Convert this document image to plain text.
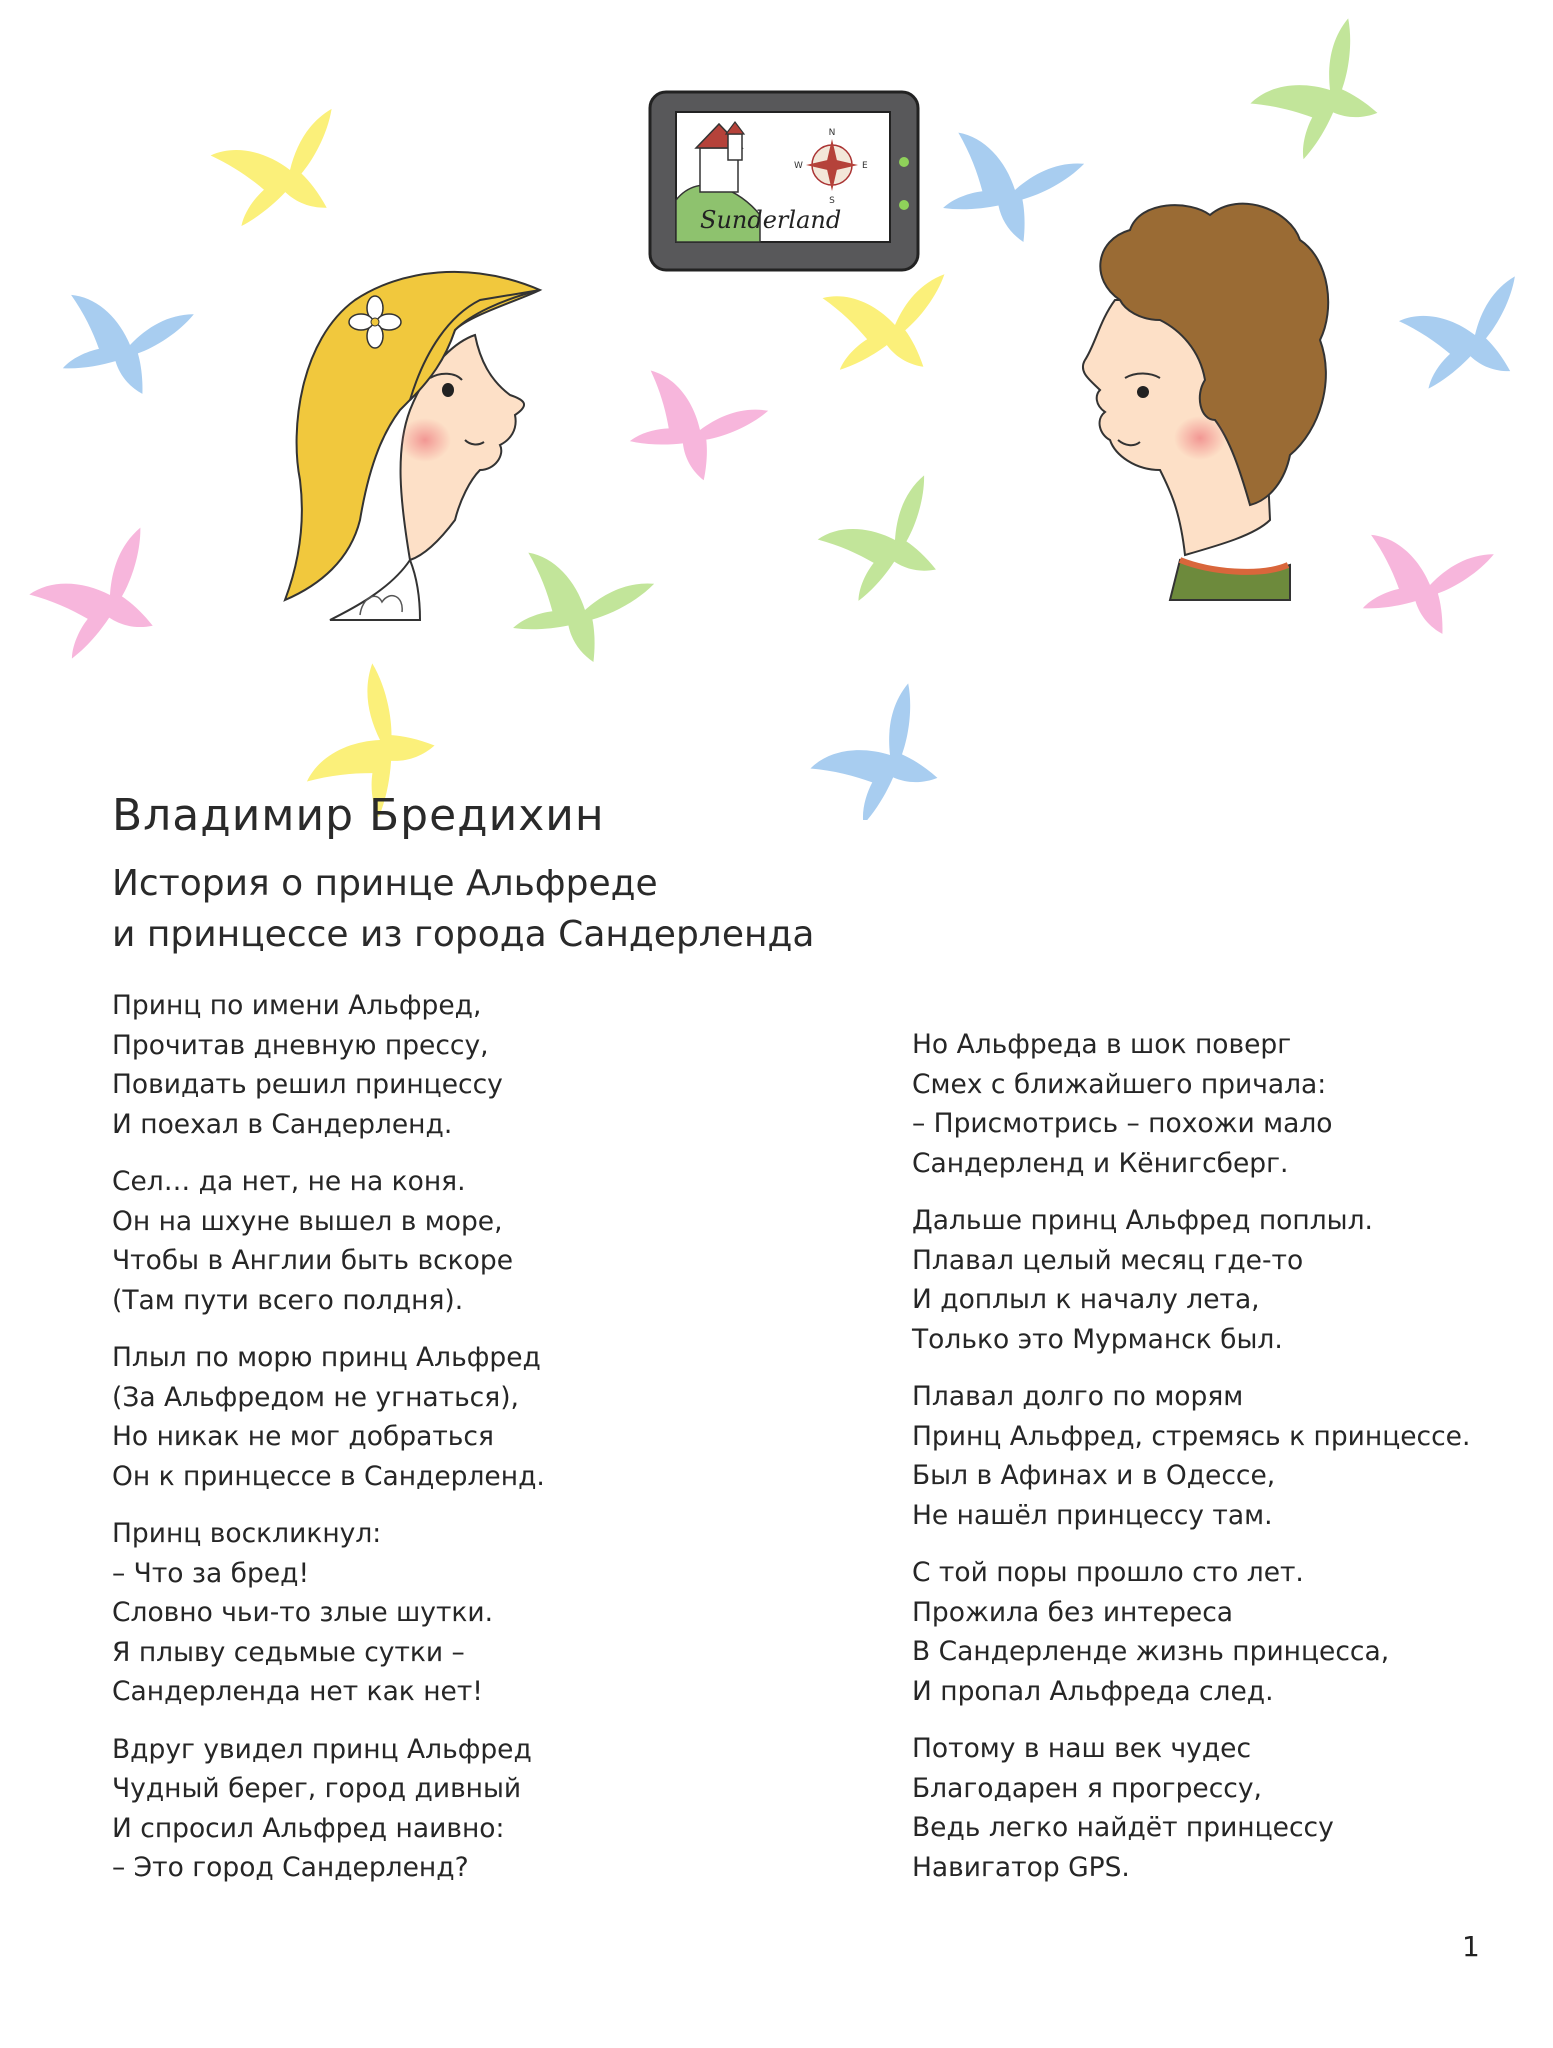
N
E
S
W
Sunderland
Владимир Бредихин
История о принце Альфреде
и принцессе из города Сандерленда

Принц по имени Альфред,
Прочитав дневную прессу,
Повидать решил принцессу
И поехал в Сандерленд.

Сел… да нет, не на коня.
Он на шхуне вышел в море,
Чтобы в Англии быть вскоре
(Там пути всего полдня).

Плыл по морю принц Альфред
(За Альфредом не угнаться),
Но никак не мог добраться
Он к принцессе в Сандерленд.

Принц воскликнул:
– Что за бред!
Словно чьи-то злые шутки.
Я плыву седьмые сутки –
Сандерленда нет как нет!

Вдруг увидел принц Альфред
Чудный берег, город дивный
И спросил Альфред наивно:
– Это город Сандерленд?

Но Альфреда в шок поверг
Смех с ближайшего причала:
– Присмотрись – похожи мало
Сандерленд и Кёнигсберг.

Дальше принц Альфред поплыл.
Плавал целый месяц где-то
И доплыл к началу лета,
Только это Мурманск был.

Плавал долго по морям
Принц Альфред, стремясь к принцессе.
Был в Афинах и в Одессе,
Не нашёл принцессу там.

С той поры прошло сто лет.
Прожила без интереса
В Сандерленде жизнь принцесса,
И пропал Альфреда след.

Потому в наш век чудес
Благодарен я прогрессу,
Ведь легко найдёт принцессу
Навигатор GPS.

1
